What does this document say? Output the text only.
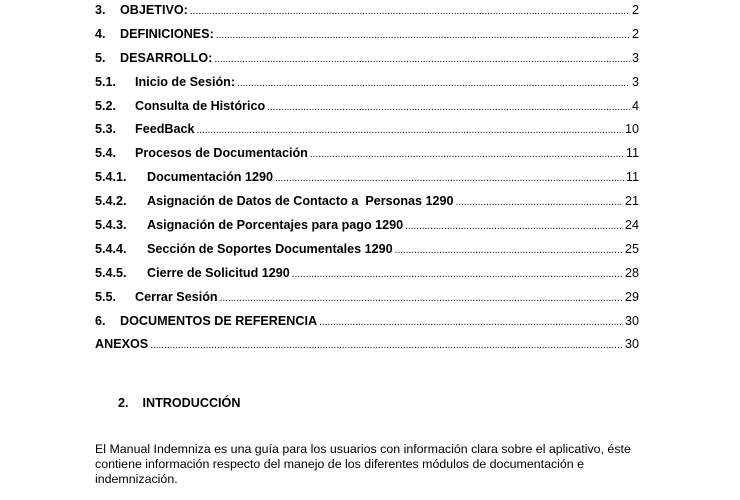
3.	OBJETIVO: .....	2
4.	DEFINICIONES: .....	2
5.	DESARROLLO: .....	3
5.1.	Inicio de Sesión: .....	3
5.2.	Consulta de Histórico .....	4
5.3.	FeedBack .....	10
5.4.	Procesos de Documentación .....	11
5.4.1.	Documentación 1290 .....	11
5.4.2.	Asignación de Datos de Contacto a  Personas 1290 .....	21
5.4.3.	Asignación de Porcentajes para pago 1290 .....	24
5.4.4.	Sección de Soportes Documentales 1290 .....	25
5.4.5.	Cierre de Solicitud 1290 .....	28
5.5.	Cerrar Sesión .....	29
6.	DOCUMENTOS DE REFERENCIA .....	30
ANEXOS .....	30
2. INTRODUCCIÓN
El Manual Indemniza es una guía para los usuarios con información clara sobre el aplicativo, éste contiene información respecto del manejo de los diferentes módulos de documentación e indemnización.
